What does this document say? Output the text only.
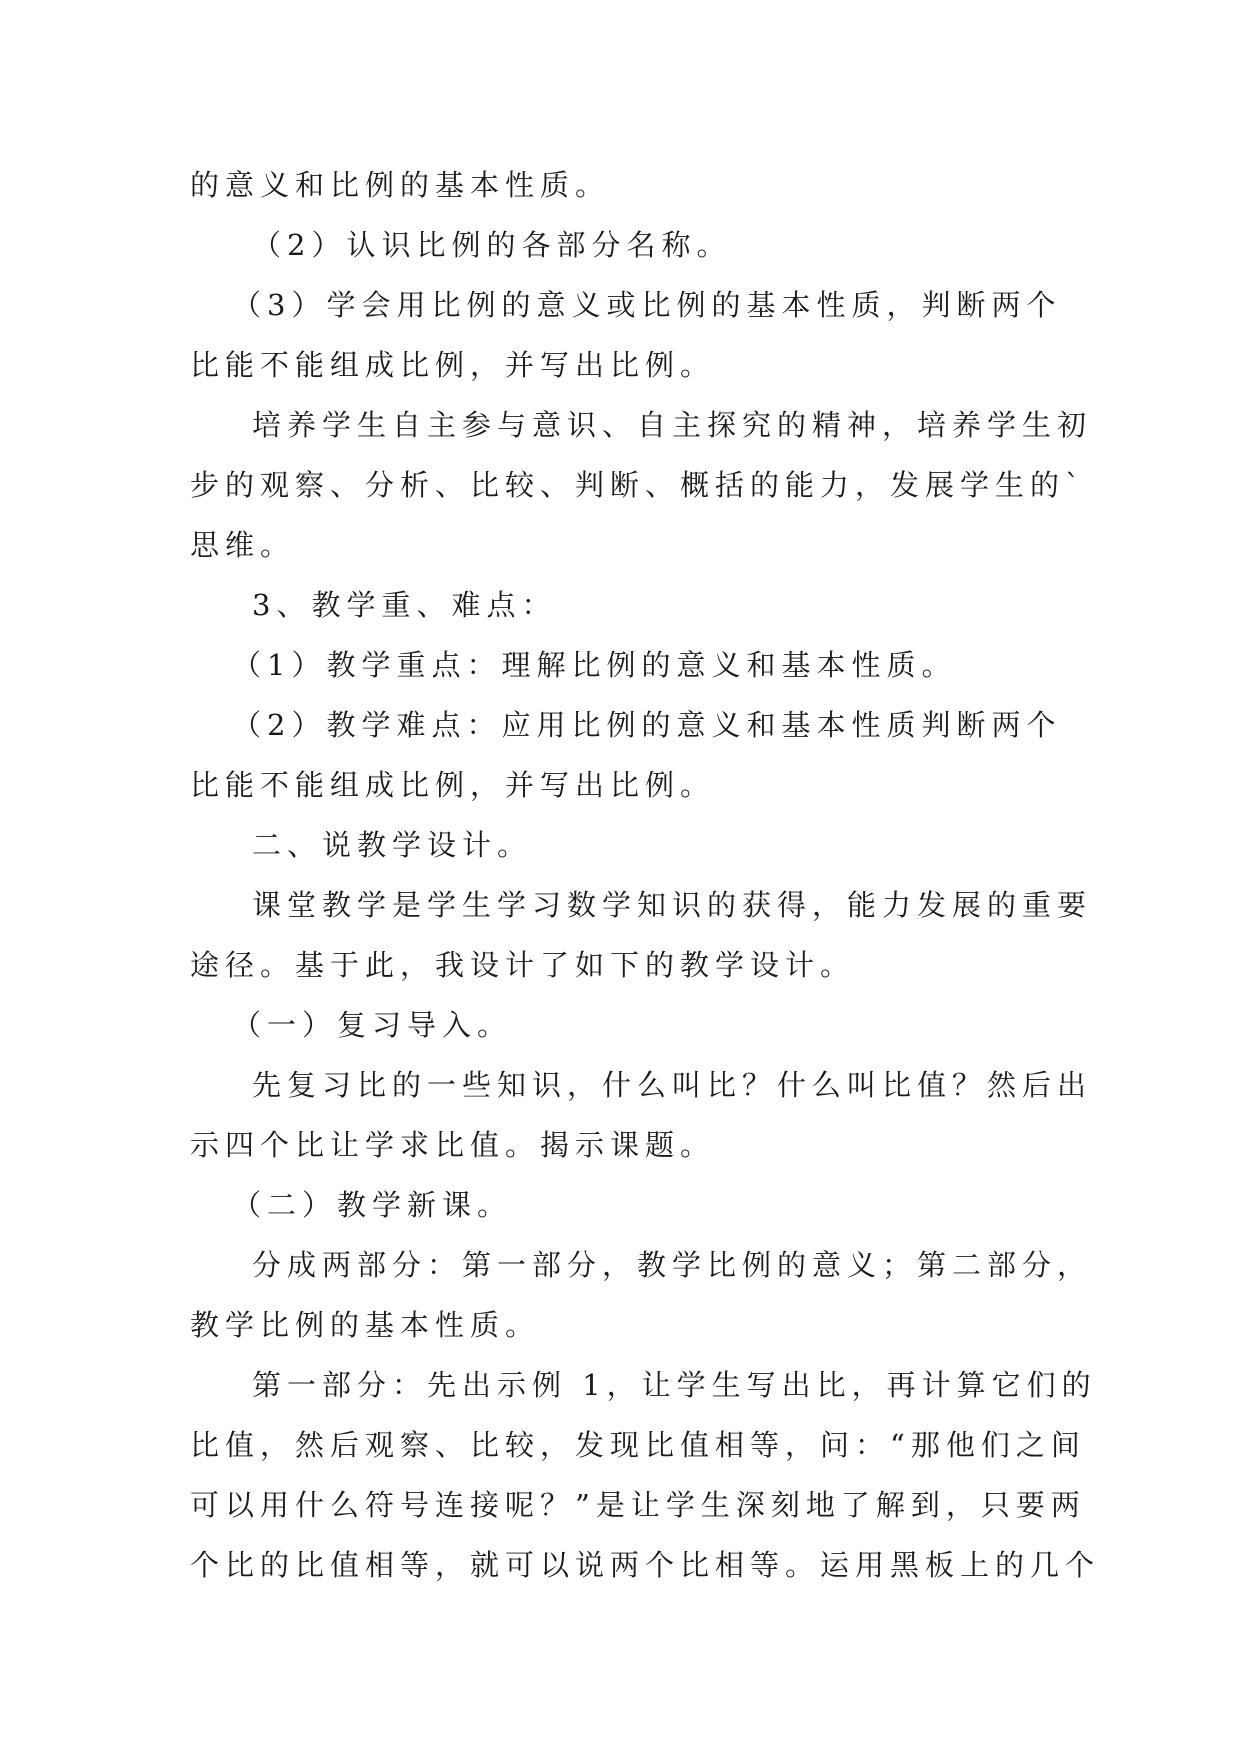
的意义和比例的基本性质。
（2）认识比例的各部分名称。
（3）学会用比例的意义或比例的基本性质，判断两个
比能不能组成比例，并写出比例。
培养学生自主参与意识、自主探究的精神，培养学生初
步的观察、分析、比较、判断、概括的能力，发展学生的`
思维。
3、教学重、难点：
（1）教学重点：理解比例的意义和基本性质。
（2）教学难点：应用比例的意义和基本性质判断两个
比能不能组成比例，并写出比例。
二、说教学设计。
课堂教学是学生学习数学知识的获得，能力发展的重要
途径。基于此，我设计了如下的教学设计。
（一）复习导入。
先复习比的一些知识，什么叫比？什么叫比值？然后出
示四个比让学求比值。揭示课题。
（二）教学新课。
分成两部分：第一部分，教学比例的意义；第二部分，
教学比例的基本性质。
第一部分：先出示例 1，让学生写出比，再计算它们的
比值，然后观察、比较，发现比值相等，问：“那他们之间
可以用什么符号连接呢？”是让学生深刻地了解到，只要两
个比的比值相等，就可以说两个比相等。运用黑板上的几个
